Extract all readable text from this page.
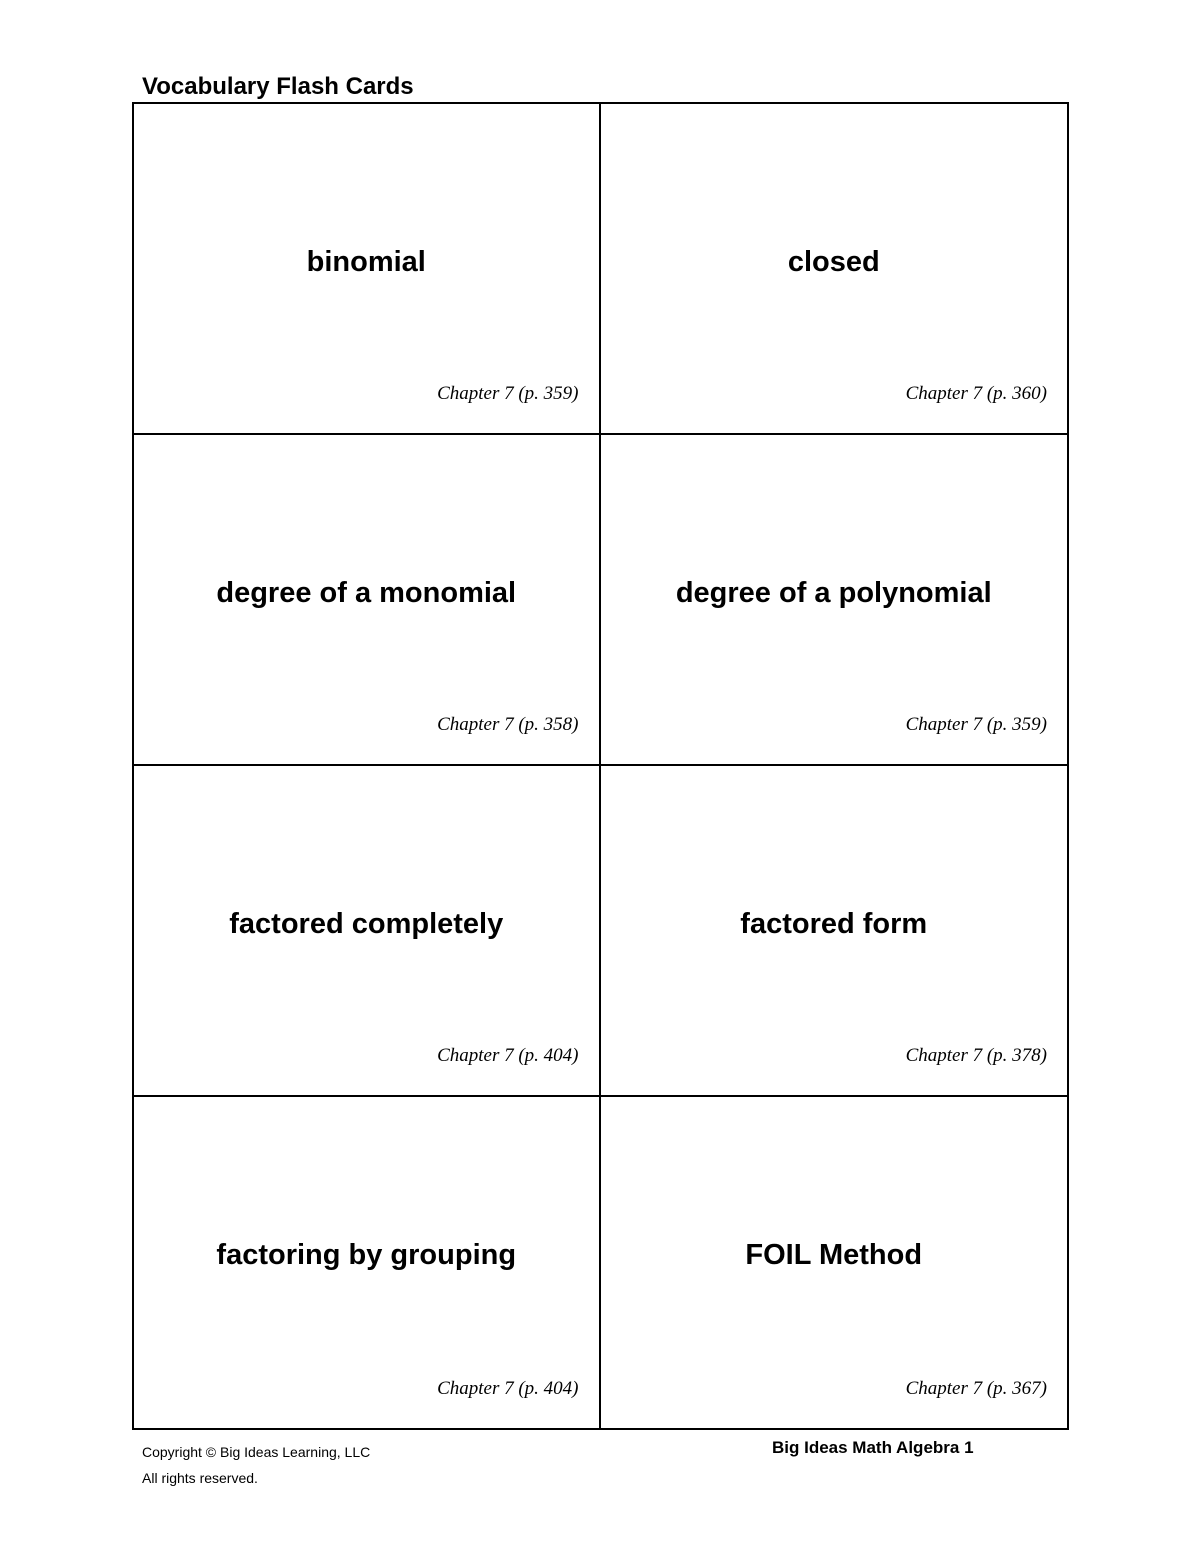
Vocabulary Flash Cards
binomial
Chapter 7 (p. 359)
closed
Chapter 7 (p. 360)
degree of a monomial
Chapter 7 (p. 358)
degree of a polynomial
Chapter 7 (p. 359)
factored completely
Chapter 7 (p. 404)
factored form
Chapter 7 (p. 378)
factoring by grouping
Chapter 7 (p. 404)
FOIL Method
Chapter 7 (p. 367)
Copyright © Big Ideas Learning, LLC
All rights reserved.
Big Ideas Math Algebra 1
